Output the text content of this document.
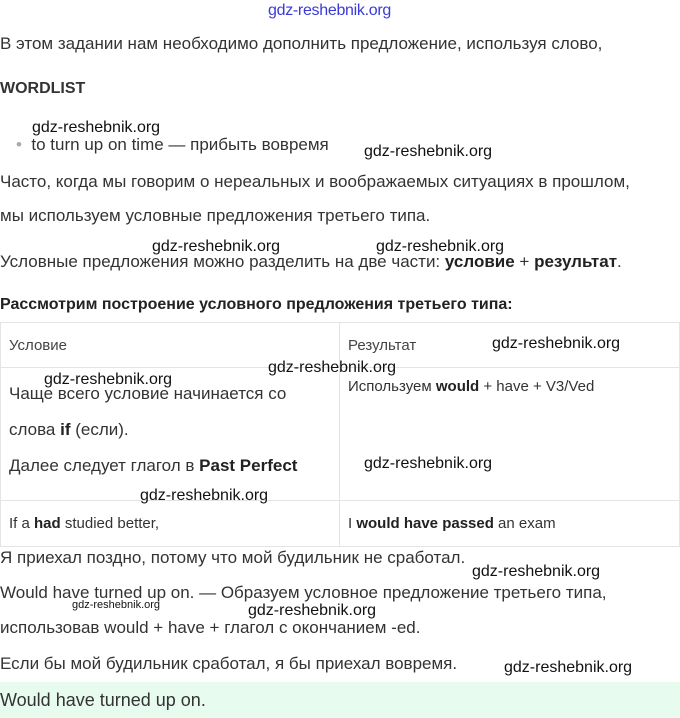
gdz-reshebnik.org
В этом задании нам необходимо дополнить предложение, используя слово,
WORDLIST
• to turn up on time — прибыть вовремя
Часто, когда мы говорим о нереальных и воображаемых ситуациях в прошлом,
мы используем условные предложения третьего типа.
Условные предложения можно разделить на две части: условие + результат.
Рассмотрим построение условного предложения третьего типа:
Условие	Результат

Чаще всего условие начинается со
слова if (если).
Далее следует глагол в Past Perfect	Используем would + have + V3/Ved
If a had studied better,	I would have passed an exam
Я приехал поздно, потому что мой будильник не сработал.
Would have turned up on. — Образуем условное предложение третьего типа,
использовав would + have + глагол с окончанием -ed.
Если бы мой будильник сработал, я бы приехал вовремя.
Would have turned up on.
gdz-reshebnik.org
gdz-reshebnik.org
gdz-reshebnik.org	gdz-reshebnik.org
gdz-reshebnik.org
gdz-reshebnik.org
gdz-reshebnik.org
gdz-reshebnik.org
gdz-reshebnik.org
gdz-reshebnik.org
gdz-reshebnik.org	gdz-reshebnik.org
gdz-reshebnik.org
